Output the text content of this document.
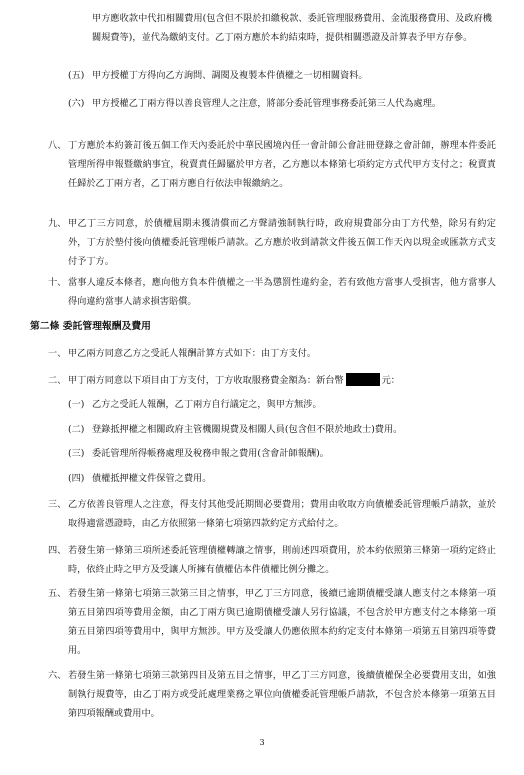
甲方應收款中代扣相關費用(包含但不限於扣繳稅款、委託管理服務費用、金流服務費用、及政府機關規費等)，並代為繳納支付。乙丁兩方應於本約結束時，提供相關憑證及計算表予甲方存參。
(五) 甲方授權丁方得向乙方詢問、調閱及複製本件債權之一切相關資料。
(六) 甲方授權乙丁兩方得以善良管理人之注意，將部分委託管理事務委託第三人代為處理。
八、 丁方應於本約簽訂後五個工作天內委託於中華民國境內任一會計師公會註冊登錄之會計師，辦理本件委託管理所得申報暨繳納事宜，稅賣責任歸屬於甲方者，乙方應以本條第七項約定方式代甲方支付之；稅賣責任歸於乙丁兩方者，乙丁兩方應自行依法申報繳納之。
九、 甲乙丁三方同意，於債權屆期未獲清償而乙方聲請強制執行時，政府規費部分由丁方代墊，除另有約定外，丁方於墊付後向債權委託管理帳戶請款。乙方應於收到請款文件後五個工作天內以現金或匯款方式支付予丁方。
十、 當事人違反本條者，應向他方負本件債權之一半為懲罰性違約金，若有致他方當事人受損害，他方當事人得向違約當事人請求損害賠償。
第二條 委託管理報酬及費用
一、 甲乙兩方同意乙方之受託人報酬計算方式如下：由丁方支付。
二、 甲丁兩方同意以下項目由丁方支付，丁方收取服務費金額為：新台幣	元：
(一) 乙方之受託人報酬，乙丁兩方自行議定之，與甲方無涉。
(二) 登錄抵押權之相關政府主管機關規費及相關人員(包含但不限於地政士)費用。
(三) 委託管理所得帳務處理及稅務申報之費用(含會計師報酬)。
(四) 債權抵押權文件保管之費用。
三、 乙方依善良管理人之注意，得支付其他受託期間必要費用；費用由收取方向債權委託管理帳戶請款，並於取得適當憑證時，由乙方依照第一條第七項第四款約定方式給付之。
四、 若發生第一條第三項所述委託管理債權轉讓之情事，則前述四項費用，於本約依照第三條第一項約定終止時，依終止時之甲方及受讓人所擁有債權佔本件債權比例分攤之。
五、 若發生第一條第七項第三款第三目之情事，甲乙丁三方同意，後續已逾期債權受讓人應支付之本條第一項第五目第四項等費用金額，由乙丁兩方與已逾期債權受讓人另行協議，不包含於甲方應支付之本條第一項第五目第四項等費用中，與甲方無涉。甲方及受讓人仍應依照本約約定支付本條第一項第五目第四項等費用。
六、 若發生第一條第七項第三款第四目及第五目之情事，甲乙丁三方同意，後續債權保全必要費用支出，如強制執行規費等，由乙丁兩方或受託處理業務之單位向債權委託管理帳戶請款，不包含於本條第一項第五目第四項報酬或費用中。
3
